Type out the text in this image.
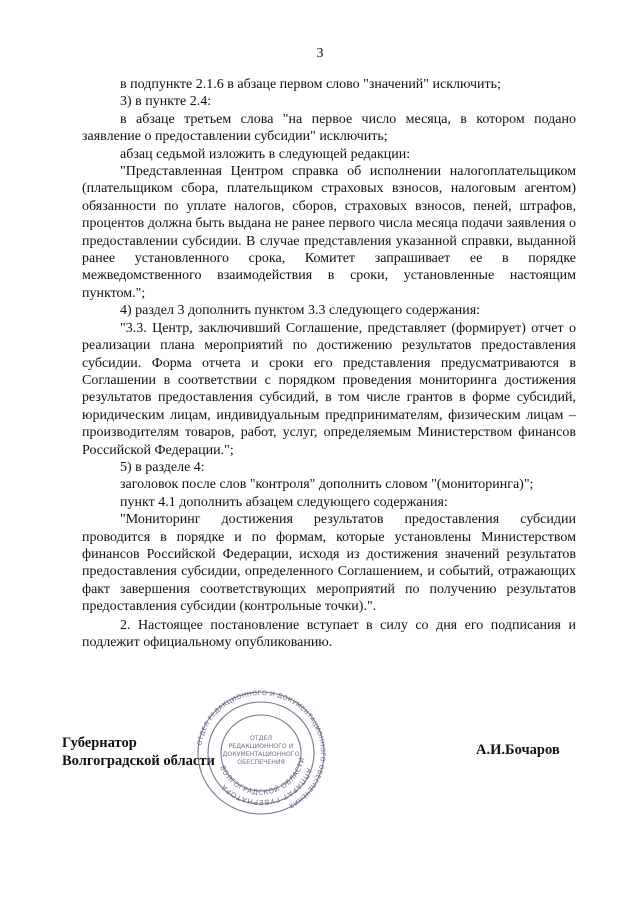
3

в подпункте 2.1.6 в абзаце первом слово "значений" исключить;

3) в пункте 2.4:

в абзаце третьем слова "на первое число месяца, в котором подано заявление о предоставлении субсидии" исключить;

абзац седьмой изложить в следующей редакции:

"Представленная Центром справка об исполнении налогоплательщиком (плательщиком сбора, плательщиком страховых взносов, налоговым агентом) обязанности по уплате налогов, сборов, страховых взносов, пеней, штрафов, процентов должна быть выдана не ранее первого числа месяца подачи заявления о предоставлении субсидии. В случае представления указанной справки, выданной ранее установленного срока, Комитет запрашивает ее в порядке межведомственного взаимодействия в сроки, установленные настоящим пунктом.";

4) раздел 3 дополнить пунктом 3.3 следующего содержания:

"3.3. Центр, заключивший Соглашение, представляет (формирует) отчет о реализации плана мероприятий по достижению результатов предоставления субсидии. Форма отчета и сроки его представления предусматриваются в Соглашении в соответствии с порядком проведения мониторинга достижения результатов предоставления субсидий, в том числе грантов в форме субсидий, юридическим лицам, индивидуальным предпринимателям, физическим лицам – производителям товаров, работ, услуг, определяемым Министерством финансов Российской Федерации.";

5) в разделе 4:

заголовок после слов "контроля" дополнить словом "(мониторинга)";

пункт 4.1 дополнить абзацем следующего содержания:

"Мониторинг достижения результатов предоставления субсидии проводится в порядке и по формам, которые установлены Министерством финансов Российской Федерации, исходя из достижения значений результатов предоставления субсидии, определенного Соглашением, и событий, отражающих факт завершения соответствующих мероприятий по получению результатов предоставления субсидии (контрольные точки).".

2. Настоящее постановление вступает в силу со дня его подписания и подлежит официальному опубликованию.

Губернатор
Волгоградской области
А.И.Бочаров
ОТДЕЛ РЕДАКЦИОННОГО И ДОКУМЕНТАЦИОННОГО ОБЕСПЕЧЕНИЯ
АППАРАТ ГУБЕРНАТОРА
ВОЛГОГРАДСКОЙ ОБЛАСТИ
ОТДЕЛ
РЕДАКЦИОННОГО И
ДОКУМЕНТАЦИОННОГО
ОБЕСПЕЧЕНИЯ
